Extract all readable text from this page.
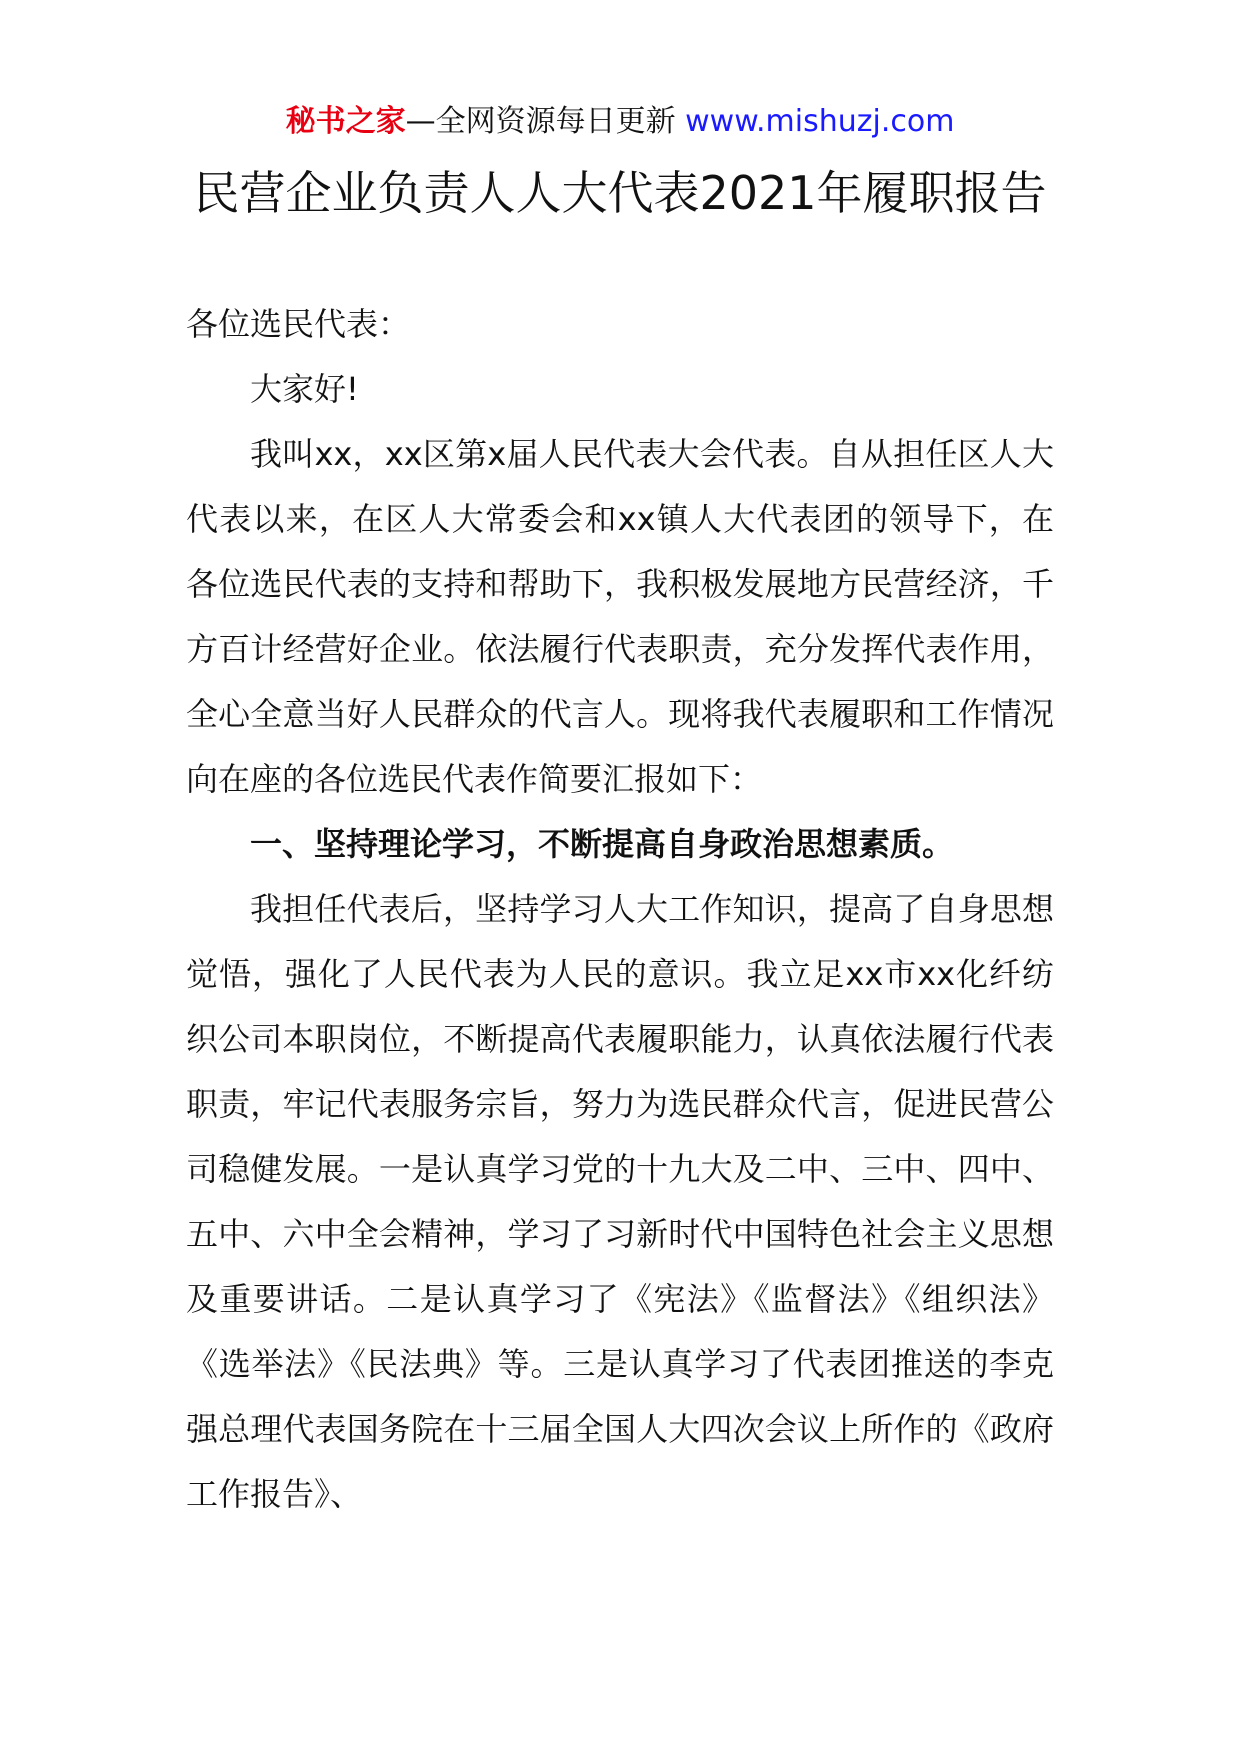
秘书之家—全网资源每日更新 www.mishuzj.com
民营企业负责人人大代表2021年履职报告

各位选民代表：

大家好!

我叫xx，xx区第x届人民代表大会代表。自从担任区人大代表以来，在区人大常委会和xx镇人大代表团的领导下，在各位选民代表的支持和帮助下，我积极发展地方民营经济，千方百计经营好企业。依法履行代表职责，充分发挥代表作用，全心全意当好人民群众的代言人。现将我代表履职和工作情况向在座的各位选民代表作简要汇报如下：

一、坚持理论学习，不断提高自身政治思想素质。

我担任代表后，坚持学习人大工作知识，提高了自身思想觉悟，强化了人民代表为人民的意识。我立足xx市xx化纤纺织公司本职岗位，不断提高代表履职能力，认真依法履行代表职责，牢记代表服务宗旨，努力为选民群众代言，促进民营公司稳健发展。一是认真学习党的十九大及二中、三中、四中、五中、六中全会精神，学习了习新时代中国特色社会主义思想及重要讲话。二是认真学习了《宪法》《监督法》《组织法》《选举法》《民法典》等。三是认真学习了代表团推送的李克强总理代表国务院在十三届全国人大四次会议上所作的《政府工作报告》、
